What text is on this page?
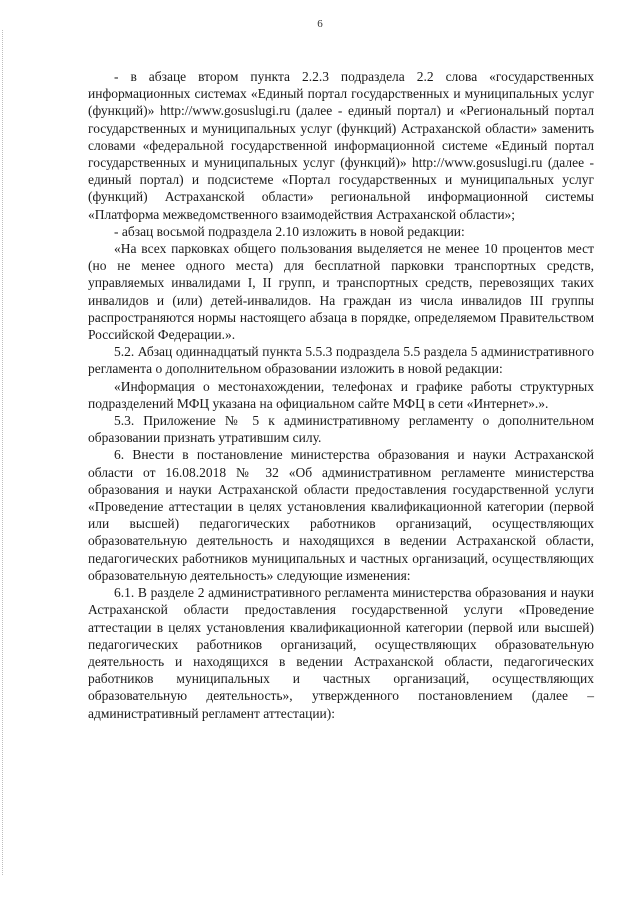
6

- в абзаце втором пункта 2.2.3 подраздела 2.2 слова «государственных информационных системах «Единый портал государственных и муниципальных услуг (функций)» http://www.gosuslugi.ru (далее - единый портал) и «Региональный портал государственных и муниципальных услуг (функций) Астраханской области» заменить словами «федеральной государственной информационной системе «Единый портал государственных и муниципальных услуг (функций)» http://www.gosuslugi.ru (далее - единый портал) и подсистеме «Портал государственных и муниципальных услуг (функций) Астраханской области» региональной информационной системы «Платформа межведомственного взаимодействия Астраханской области»;

- абзац восьмой подраздела 2.10 изложить в новой редакции:

«На всех парковках общего пользования выделяется не менее 10 процентов мест (но не менее одного места) для бесплатной парковки транспортных средств, управляемых инвалидами I, II групп, и транспортных средств, перевозящих таких инвалидов и (или) детей-инвалидов. На граждан из числа инвалидов III группы распространяются нормы настоящего абзаца в порядке, определяемом Правительством Российской Федерации.».

5.2. Абзац одиннадцатый пункта 5.5.3 подраздела 5.5 раздела 5 административного регламента о дополнительном образовании изложить в новой редакции:

«Информация о местонахождении, телефонах и графике работы структурных подразделений МФЦ указана на официальном сайте МФЦ в сети «Интернет».».

5.3. Приложение № 5 к административному регламенту о дополнительном образовании признать утратившим силу.

6. Внести в постановление министерства образования и науки Астраханской области от 16.08.2018 № 32 «Об административном регламенте министерства образования и науки Астраханской области предоставления государственной услуги «Проведение аттестации в целях установления квалификационной категории (первой или высшей) педагогических работников организаций, осуществляющих образовательную деятельность и находящихся в ведении Астраханской области, педагогических работников муниципальных и частных организаций, осуществляющих образовательную деятельность» следующие изменения:

6.1. В разделе 2 административного регламента министерства образования и науки Астраханской области предоставления государственной услуги «Проведение аттестации в целях установления квалификационной категории (первой или высшей) педагогических работников организаций, осуществляющих образовательную деятельность и находящихся в ведении Астраханской области, педагогических работников муниципальных и частных организаций, осуществляющих образовательную деятельность», утвержденного постановлением (далее – административный регламент аттестации):
